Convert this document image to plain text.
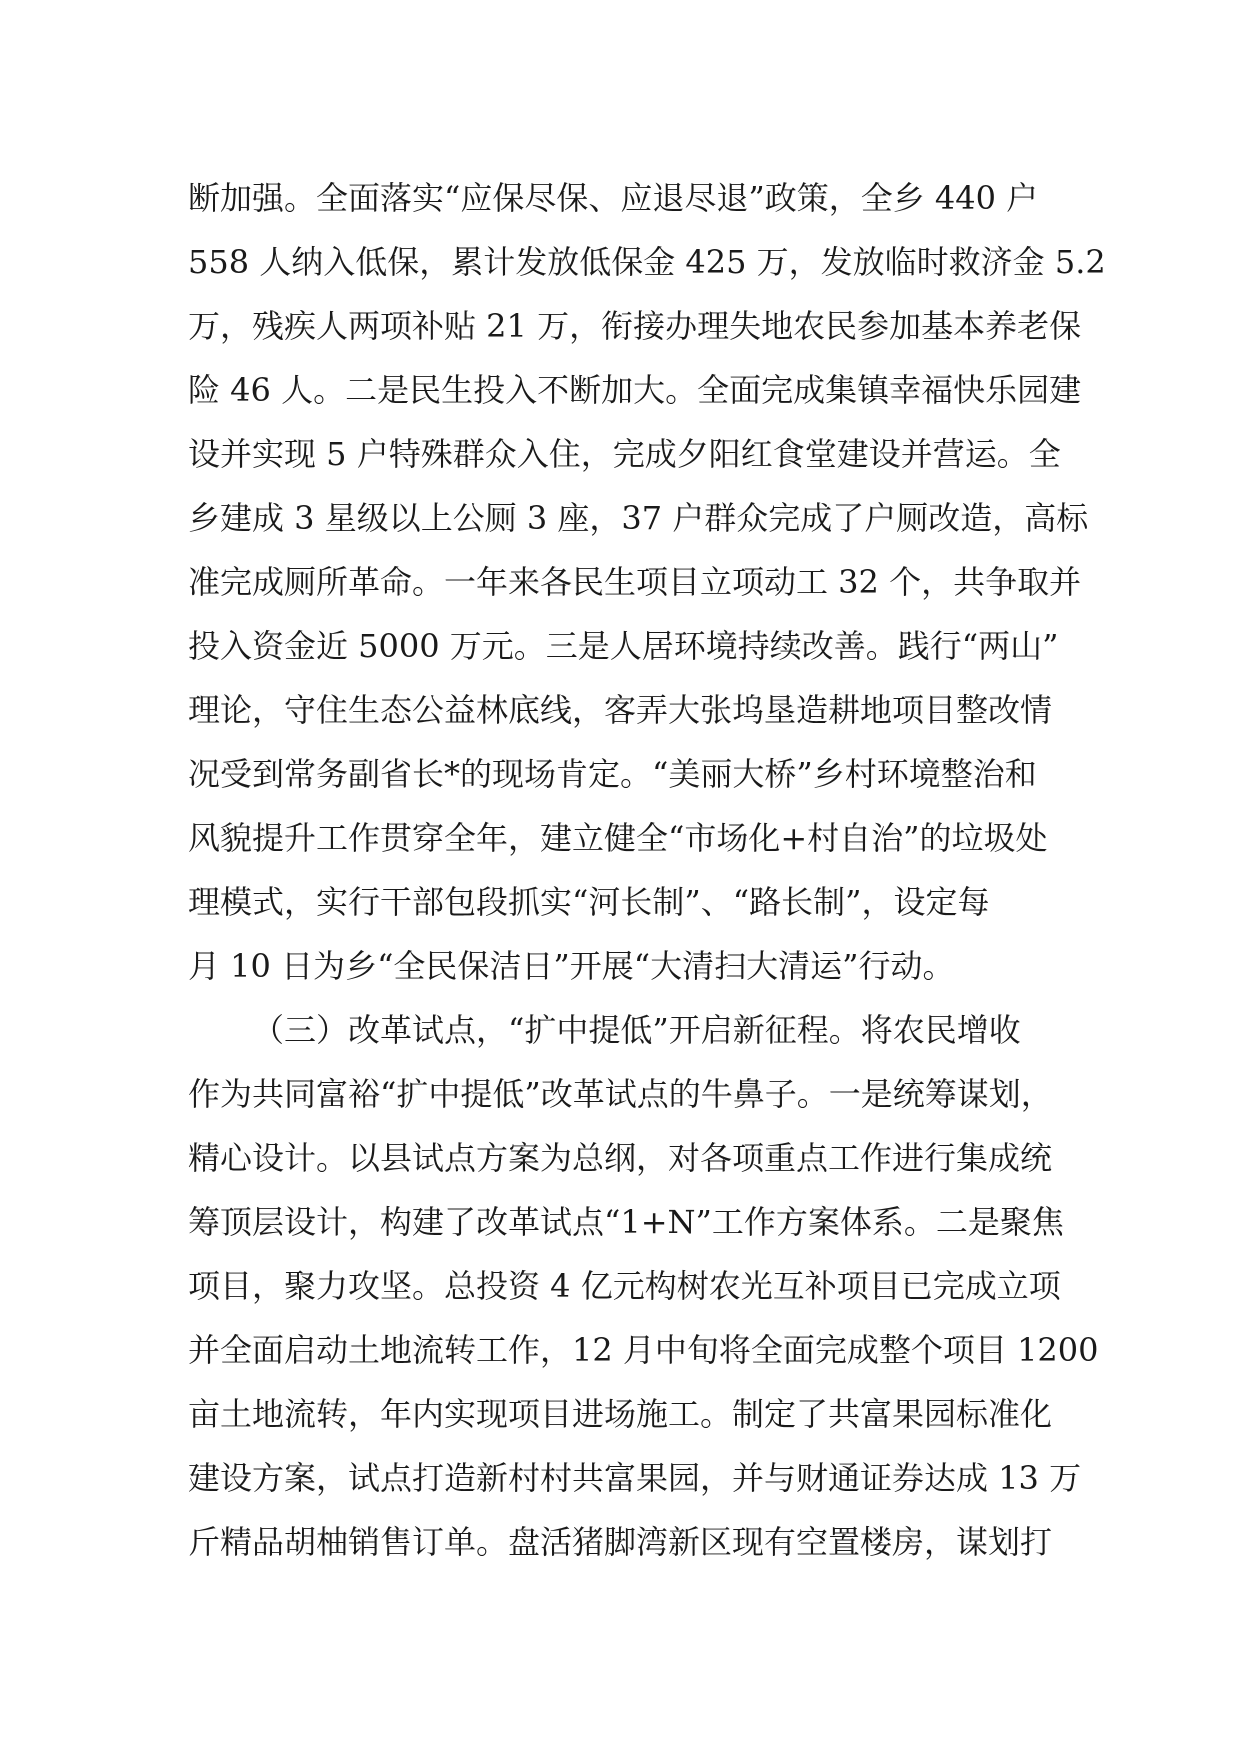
断加强。全面落实“应保尽保、应退尽退”政策，全乡 440 户
558 人纳入低保，累计发放低保金 425 万，发放临时救济金 5.2
万，残疾人两项补贴 21 万，衔接办理失地农民参加基本养老保
险 46 人。二是民生投入不断加大。全面完成集镇幸福快乐园建
设并实现 5 户特殊群众入住，完成夕阳红食堂建设并营运。全
乡建成 3 星级以上公厕 3 座，37 户群众完成了户厕改造，高标
准完成厕所革命。一年来各民生项目立项动工 32 个，共争取并
投入资金近 5000 万元。三是人居环境持续改善。践行“两山”
理论，守住生态公益林底线，客弄大张坞垦造耕地项目整改情
况受到常务副省长*的现场肯定。“美丽大桥”乡村环境整治和
风貌提升工作贯穿全年，建立健全“市场化+村自治”的垃圾处
理模式，实行干部包段抓实“河长制”、“路长制”，设定每
月 10 日为乡“全民保洁日”开展“大清扫大清运”行动。
（三）改革试点，“扩中提低”开启新征程。将农民增收
作为共同富裕“扩中提低”改革试点的牛鼻子。一是统筹谋划，
精心设计。以县试点方案为总纲，对各项重点工作进行集成统
筹顶层设计，构建了改革试点“1+N”工作方案体系。二是聚焦
项目，聚力攻坚。总投资 4 亿元构树农光互补项目已完成立项
并全面启动土地流转工作，12 月中旬将全面完成整个项目 1200
亩土地流转，年内实现项目进场施工。制定了共富果园标准化
建设方案，试点打造新村村共富果园，并与财通证券达成 13 万
斤精品胡柚销售订单。盘活猪脚湾新区现有空置楼房，谋划打
